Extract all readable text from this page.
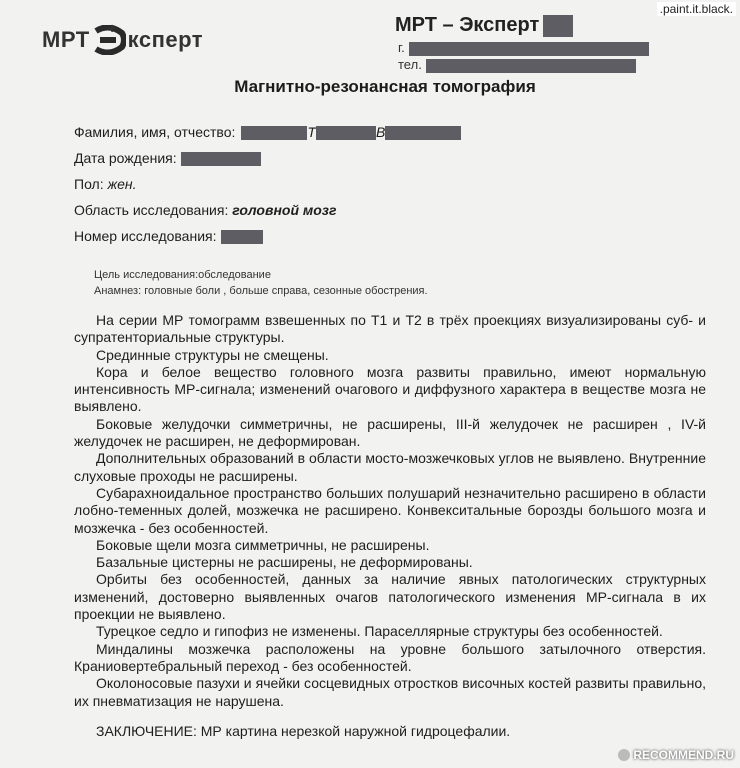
.paint.it.black.
МРТ + ксперт
МРТ – Эксперт
г.
тел.
Магнитно-резонансная томография
Фамилия, имя, отчество:	Т	В
Дата рождения:
Пол: жен.
Область исследования: головной мозг
Номер исследования:
Цель исследования:обследование
Анамнез: головные боли , больше справа, сезонные обострения.

На серии МР томограмм взвешенных по Т1 и Т2 в трёх проекциях визуализированы суб- и супратенториальные структуры.

Срединные структуры не смещены.

Кора и белое вещество головного мозга развиты правильно, имеют нормальную интенсивность МР-сигнала; изменений очагового и диффузного характера в веществе мозга не выявлено.

Боковые желудочки симметричны, не расширены, III-й желудочек не расширен , IV-й желудочек не расширен, не деформирован.

Дополнительных образований в области мосто-мозжечковых углов не выявлено. Внутренние слуховые проходы не расширены.

Субарахноидальное пространство больших полушарий незначительно расширено в области лобно-теменных долей, мозжечка не расширено. Конвекситальные борозды большого мозга и мозжечка - без особенностей.

Боковые щели мозга симметричны, не расширены.

Базальные цистерны не расширены, не деформированы.

Орбиты без особенностей, данных за наличие явных патологических структурных изменений, достоверно выявленных очагов патологического изменения МР-сигнала в их проекции не выявлено.

Турецкое седло и гипофиз не изменены. Параселлярные структуры без особенностей.

Миндалины мозжечка расположены на уровне большого затылочного отверстия. Краниовертебральный переход - без особенностей.

Околоносовые пазухи и ячейки сосцевидных отростков височных костей развиты правильно, их пневматизация не нарушена.

ЗАКЛЮЧЕНИЕ: МР картина нерезкой наружной гидроцефалии.
RECOMMEND.RU
